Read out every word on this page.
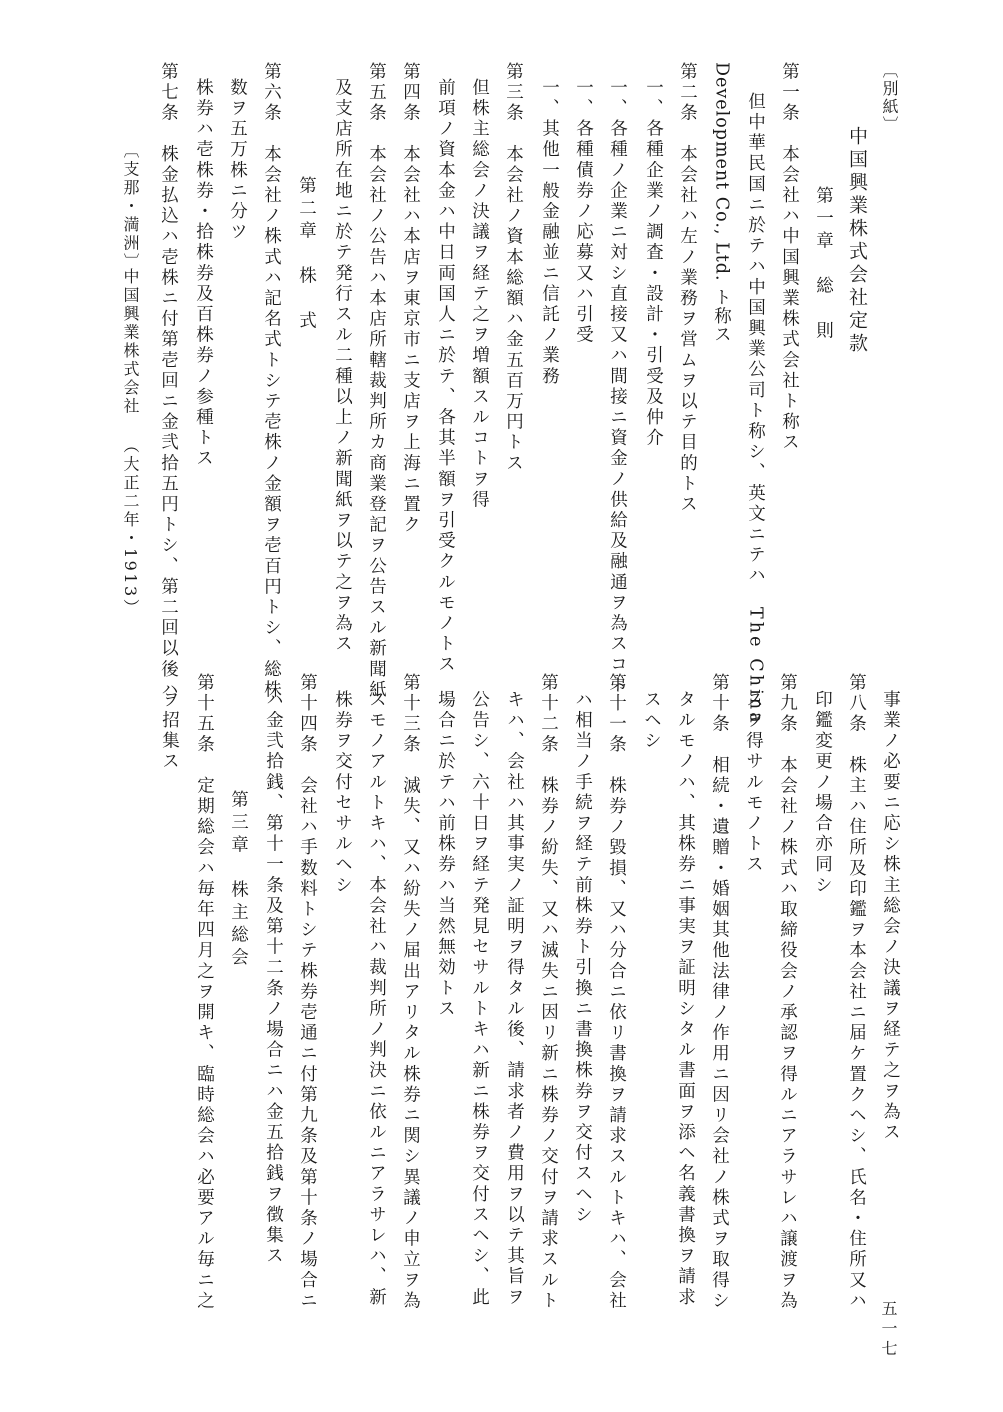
〔別紙〕
中国興業株式会社定款
第一章　総　則
第一条　本会社ハ中国興業株式会社ト称ス
但中華民国ニ於テハ中国興業公司ト称シ、英文ニテハ　The China
Development Co., Ltd. ト称ス
第二条　本会社ハ左ノ業務ヲ営ムヲ以テ目的トス
一、各種企業ノ調査・設計・引受及仲介
一、各種ノ企業ニ対シ直接又ハ間接ニ資金ノ供給及融通ヲ為スコト
一、各種債券ノ応募又ハ引受
一、其他一般金融並ニ信託ノ業務
第三条　本会社ノ資本総額ハ金五百万円トス
但株主総会ノ決議ヲ経テ之ヲ増額スルコトヲ得
前項ノ資本金ハ中日両国人ニ於テ、各其半額ヲ引受クルモノトス
第四条　本会社ハ本店ヲ東京市ニ支店ヲ上海ニ置ク
第五条　本会社ノ公告ハ本店所轄裁判所カ商業登記ヲ公告スル新聞紙
及支店所在地ニ於テ発行スル二種以上ノ新聞紙ヲ以テ之ヲ為ス
第二章　株　式
第六条　本会社ノ株式ハ記名式トシテ壱株ノ金額ヲ壱百円トシ、総株
数ヲ五万株ニ分ツ
株券ハ壱株券・拾株券及百株券ノ参種トス
第七条　株金払込ハ壱株ニ付第壱回ニ金弐拾五円トシ、第二回以後ハ
〔支那・満洲〕
中国興業株式会社
（大正二年・1913）
事業ノ必要ニ応シ株主総会ノ決議ヲ経テ之ヲ為ス
第八条　株主ハ住所及印鑑ヲ本会社ニ届ケ置クヘシ、氏名・住所又ハ
印鑑変更ノ場合亦同シ
第九条　本会社ノ株式ハ取締役会ノ承認ヲ得ルニアラサレハ譲渡ヲ為
スヲ得サルモノトス
第十条　相続・遺贈・婚姻其他法律ノ作用ニ因リ会社ノ株式ヲ取得シ
タルモノハ、其株券ニ事実ヲ証明シタル書面ヲ添ヘ名義書換ヲ請求
スヘシ
第十一条　株券ノ毀損、又ハ分合ニ依リ書換ヲ請求スルトキハ、会社
ハ相当ノ手続ヲ経テ前株券ト引換ニ書換株券ヲ交付スヘシ
第十二条　株券ノ紛失、又ハ滅失ニ因リ新ニ株券ノ交付ヲ請求スルト
キハ、会社ハ其事実ノ証明ヲ得タル後、請求者ノ費用ヲ以テ其旨ヲ
公告シ、六十日ヲ経テ発見セサルトキハ新ニ株券ヲ交付スヘシ、此
場合ニ於テハ前株券ハ当然無効トス
第十三条　滅失、又ハ紛失ノ届出アリタル株券ニ関シ異議ノ申立ヲ為
スモノアルトキハ、本会社ハ裁判所ノ判決ニ依ルニアラサレハ、新
株券ヲ交付セサルヘシ
第十四条　会社ハ手数料トシテ株券壱通ニ付第九条及第十条ノ場合ニ
ハ金弐拾銭、第十一条及第十二条ノ場合ニハ金五拾銭ヲ徴集ス
第三章　株主総会
第十五条　定期総会ハ毎年四月之ヲ開キ、臨時総会ハ必要アル毎ニ之
ヲ招集ス
五一七
